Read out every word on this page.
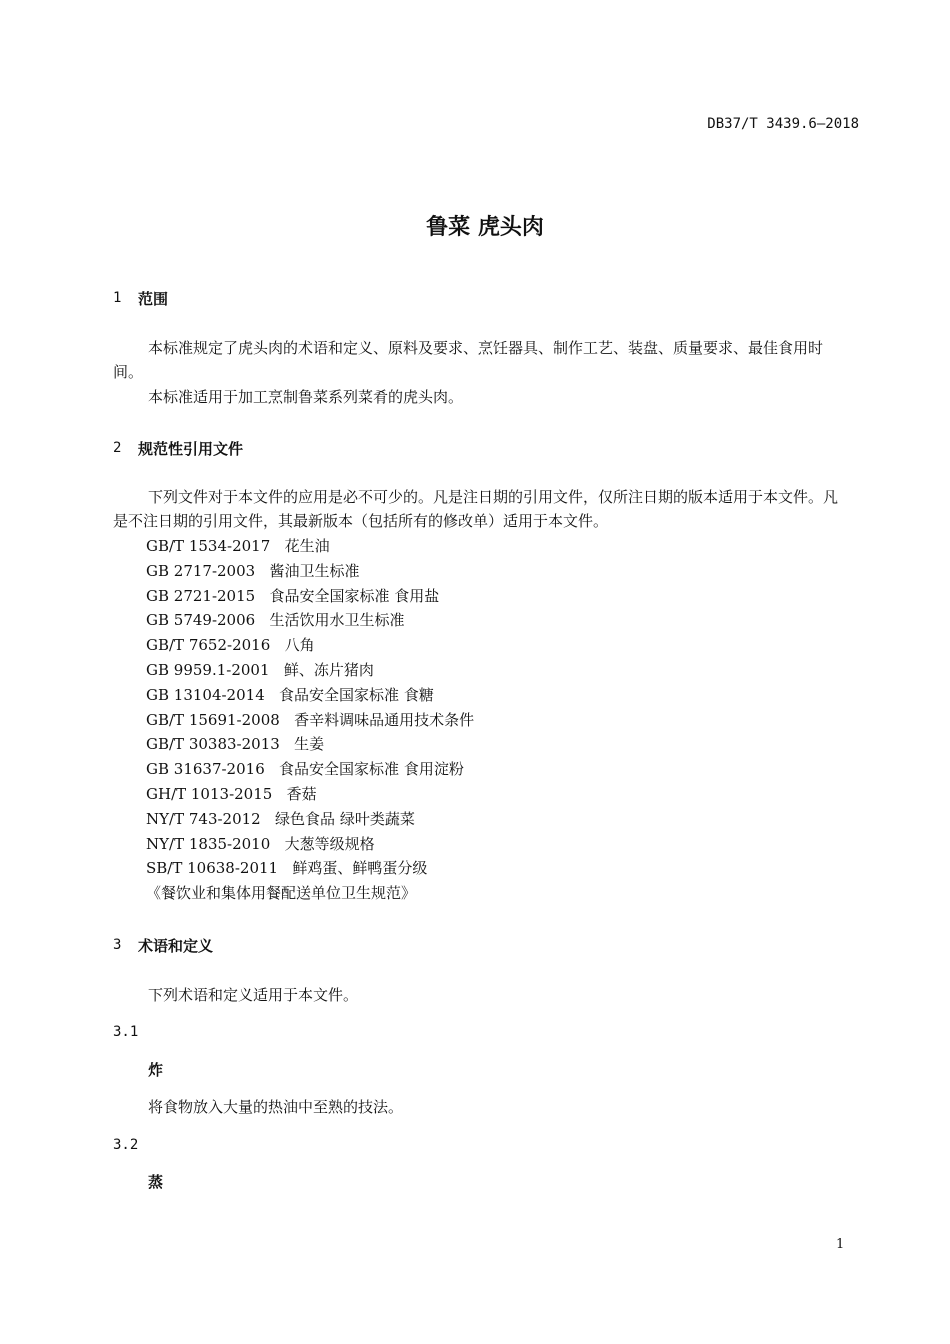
DB37/T 3439.6—2018
鲁菜 虎头肉
1 范围
本标准规定了虎头肉的术语和定义、原料及要求、烹饪器具、制作工艺、装盘、质量要求、最佳食用时间。
本标准适用于加工烹制鲁菜系列菜肴的虎头肉。
2 规范性引用文件
下列文件对于本文件的应用是必不可少的。凡是注日期的引用文件，仅所注日期的版本适用于本文件。凡是不注日期的引用文件，其最新版本（包括所有的修改单）适用于本文件。
GB/T 1534-2017 花生油
GB 2717-2003 酱油卫生标准
GB 2721-2015 食品安全国家标准 食用盐
GB 5749-2006 生活饮用水卫生标准
GB/T 7652-2016 八角
GB 9959.1-2001 鲜、冻片猪肉
GB 13104-2014 食品安全国家标准 食糖
GB/T 15691-2008 香辛料调味品通用技术条件
GB/T 30383-2013 生姜
GB 31637-2016 食品安全国家标准 食用淀粉
GH/T 1013-2015 香菇
NY/T 743-2012 绿色食品 绿叶类蔬菜
NY/T 1835-2010 大葱等级规格
SB/T 10638-2011 鲜鸡蛋、鲜鸭蛋分级
《餐饮业和集体用餐配送单位卫生规范》
3 术语和定义
下列术语和定义适用于本文件。
3.1
炸
将食物放入大量的热油中至熟的技法。
3.2
蒸
1
